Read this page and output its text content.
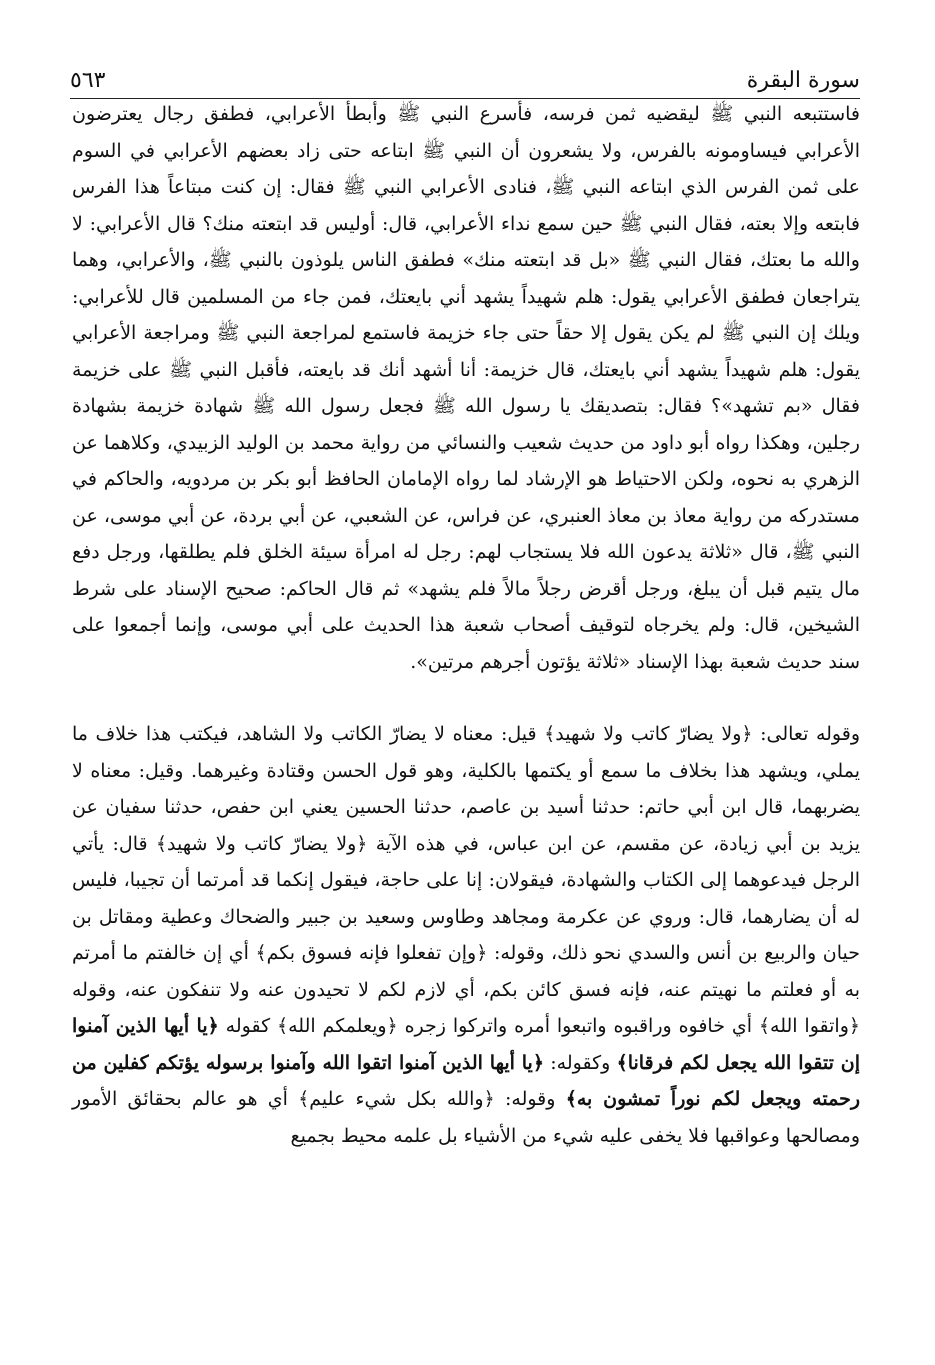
سورة البقرة
٥٦٣

فاستتبعه النبي ﷺ ليقضيه ثمن فرسه، فأسرع النبي ﷺ وأبطأ الأعرابي، فطفق رجال يعترضون الأعرابي فيساومونه بالفرس، ولا يشعرون أن النبي ﷺ ابتاعه حتى زاد بعضهم الأعرابي في السوم على ثمن الفرس الذي ابتاعه النبي ﷺ، فنادى الأعرابي النبي ﷺ فقال: إن كنت مبتاعاً هذا الفرس فابتعه وإلا بعته، فقال النبي ﷺ حين سمع نداء الأعرابي، قال: أوليس قد ابتعته منك؟ قال الأعرابي: لا والله ما بعتك، فقال النبي ﷺ «بل قد ابتعته منك» فطفق الناس يلوذون بالنبي ﷺ، والأعرابي، وهما يتراجعان فطفق الأعرابي يقول: هلم شهيداً يشهد أني بايعتك، فمن جاء من المسلمين قال للأعرابي: ويلك إن النبي ﷺ لم يكن يقول إلا حقاً حتى جاء خزيمة فاستمع لمراجعة النبي ﷺ ومراجعة الأعرابي يقول: هلم شهيداً يشهد أني بايعتك، قال خزيمة: أنا أشهد أنك قد بايعته، فأقبل النبي ﷺ على خزيمة فقال «بم تشهد»؟ فقال: بتصديقك يا رسول الله ﷺ فجعل رسول الله ﷺ شهادة خزيمة بشهادة رجلين، وهكذا رواه أبو داود من حديث شعيب والنسائي من رواية محمد بن الوليد الزبيدي، وكلاهما عن الزهري به نحوه، ولكن الاحتياط هو الإرشاد لما رواه الإمامان الحافظ أبو بكر بن مردويه، والحاكم في مستدركه من رواية معاذ بن معاذ العنبري، عن فراس، عن الشعبي، عن أبي بردة، عن أبي موسى، عن النبي ﷺ، قال «ثلاثة يدعون الله فلا يستجاب لهم: رجل له امرأة سيئة الخلق فلم يطلقها، ورجل دفع مال يتيم قبل أن يبلغ، ورجل أقرض رجلاً مالاً فلم يشهد» ثم قال الحاكم: صحيح الإسناد على شرط الشيخين، قال: ولم يخرجاه لتوقيف أصحاب شعبة هذا الحديث على أبي موسى، وإنما أجمعوا على سند حديث شعبة بهذا الإسناد «ثلاثة يؤتون أجرهم مرتين».

وقوله تعالى: ﴿ولا يضارّ كاتب ولا شهيد﴾ قيل: معناه لا يضارّ الكاتب ولا الشاهد، فيكتب هذا خلاف ما يملي، ويشهد هذا بخلاف ما سمع أو يكتمها بالكلية، وهو قول الحسن وقتادة وغيرهما. وقيل: معناه لا يضربهما، قال ابن أبي حاتم: حدثنا أسيد بن عاصم، حدثنا الحسين يعني ابن حفص، حدثنا سفيان عن يزيد بن أبي زيادة، عن مقسم، عن ابن عباس، في هذه الآية ﴿ولا يضارّ كاتب ولا شهيد﴾ قال: يأتي الرجل فيدعوهما إلى الكتاب والشهادة، فيقولان: إنا على حاجة، فيقول إنكما قد أمرتما أن تجيبا، فليس له أن يضارهما، قال: وروي عن عكرمة ومجاهد وطاوس وسعيد بن جبير والضحاك وعطية ومقاتل بن حيان والربيع بن أنس والسدي نحو ذلك، وقوله: ﴿وإن تفعلوا فإنه فسوق بكم﴾ أي إن خالفتم ما أمرتم به أو فعلتم ما نهيتم عنه، فإنه فسق كائن بكم، أي لازم لكم لا تحيدون عنه ولا تنفكون عنه، وقوله ﴿واتقوا الله﴾ أي خافوه وراقبوه واتبعوا أمره واتركوا زجره ﴿ويعلمكم الله﴾ كقوله ﴿يا أيها الذين آمنوا إن تتقوا الله يجعل لكم فرقانا﴾ وكقوله: ﴿يا أيها الذين آمنوا اتقوا الله وآمنوا برسوله يؤتكم كفلين من رحمته ويجعل لكم نوراً تمشون به﴾ وقوله: ﴿والله بكل شيء عليم﴾ أي هو عالم بحقائق الأمور ومصالحها وعواقبها فلا يخفى عليه شيء من الأشياء بل علمه محيط بجميع
